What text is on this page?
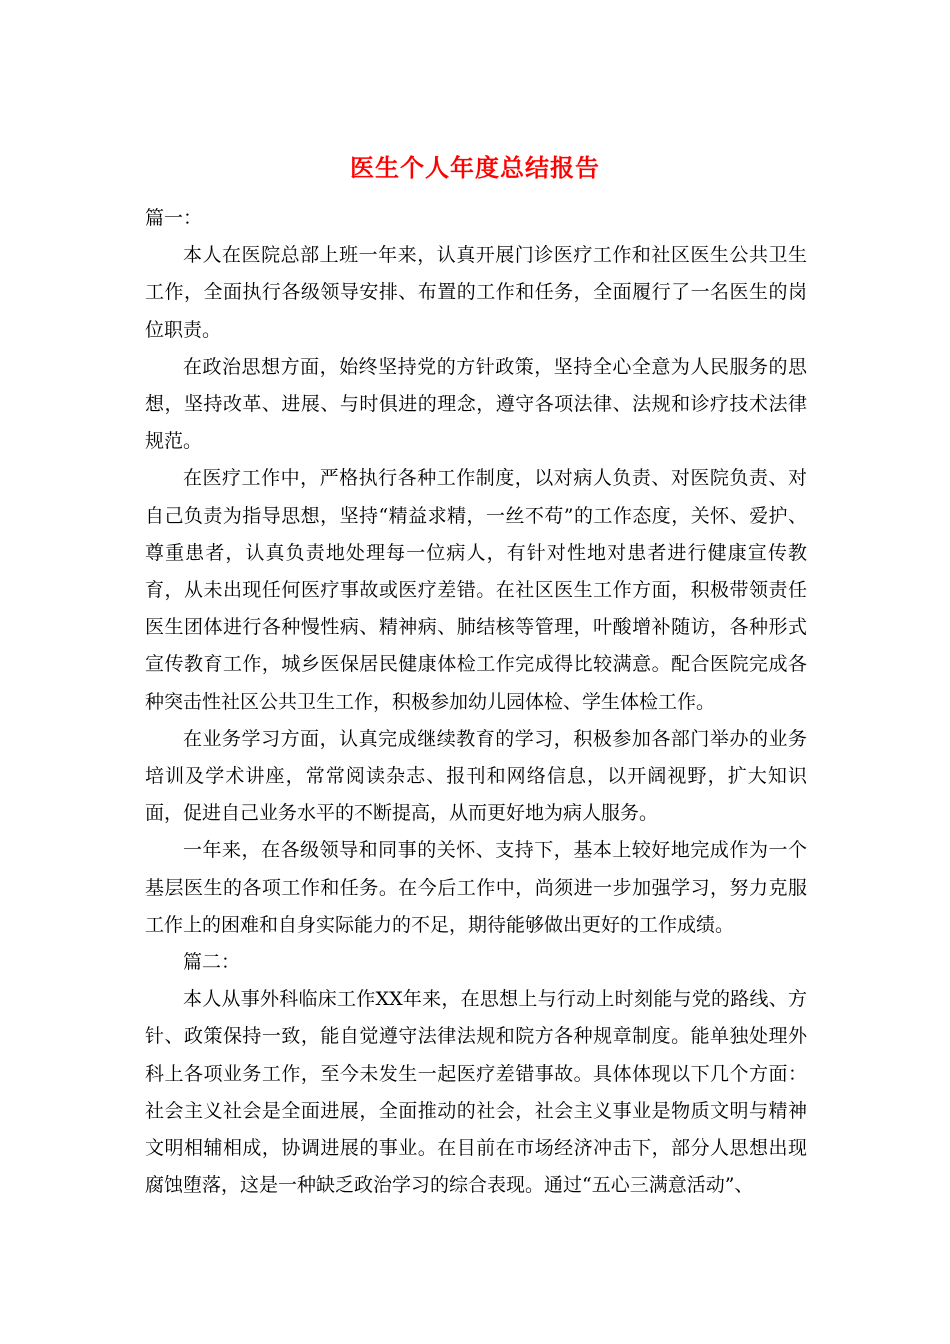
医生个人年度总结报告

篇一：

本人在医院总部上班一年来，认真开展门诊医疗工作和社区医生公共卫生工作，全面执行各级领导安排、布置的工作和任务，全面履行了一名医生的岗位职责。

在政治思想方面，始终坚持党的方针政策，坚持全心全意为人民服务的思想，坚持改革、进展、与时俱进的理念，遵守各项法律、法规和诊疗技术法律规范。

在医疗工作中，严格执行各种工作制度，以对病人负责、对医院负责、对自己负责为指导思想，坚持“精益求精，一丝不苟”的工作态度，关怀、爱护、尊重患者，认真负责地处理每一位病人，有针对性地对患者进行健康宣传教育，从未出现任何医疗事故或医疗差错。在社区医生工作方面，积极带领责任医生团体进行各种慢性病、精神病、肺结核等管理，叶酸增补随访，各种形式宣传教育工作，城乡医保居民健康体检工作完成得比较满意。配合医院完成各种突击性社区公共卫生工作，积极参加幼儿园体检、学生体检工作。

在业务学习方面，认真完成继续教育的学习，积极参加各部门举办的业务培训及学术讲座，常常阅读杂志、报刊和网络信息，以开阔视野，扩大知识面，促进自己业务水平的不断提高，从而更好地为病人服务。

一年来，在各级领导和同事的关怀、支持下，基本上较好地完成作为一个基层医生的各项工作和任务。在今后工作中，尚须进一步加强学习，努力克服工作上的困难和自身实际能力的不足，期待能够做出更好的工作成绩。

篇二：

本人从事外科临床工作XX年来，在思想上与行动上时刻能与党的路线、方针、政策保持一致，能自觉遵守法律法规和院方各种规章制度。能单独处理外科上各项业务工作，至今未发生一起医疗差错事故。具体体现以下几个方面：社会主义社会是全面进展，全面推动的社会，社会主义事业是物质文明与精神文明相辅相成，协调进展的事业。在目前在市场经济冲击下，部分人思想出现腐蚀堕落，这是一种缺乏政治学习的综合表现。通过“五心三满意活动”、
